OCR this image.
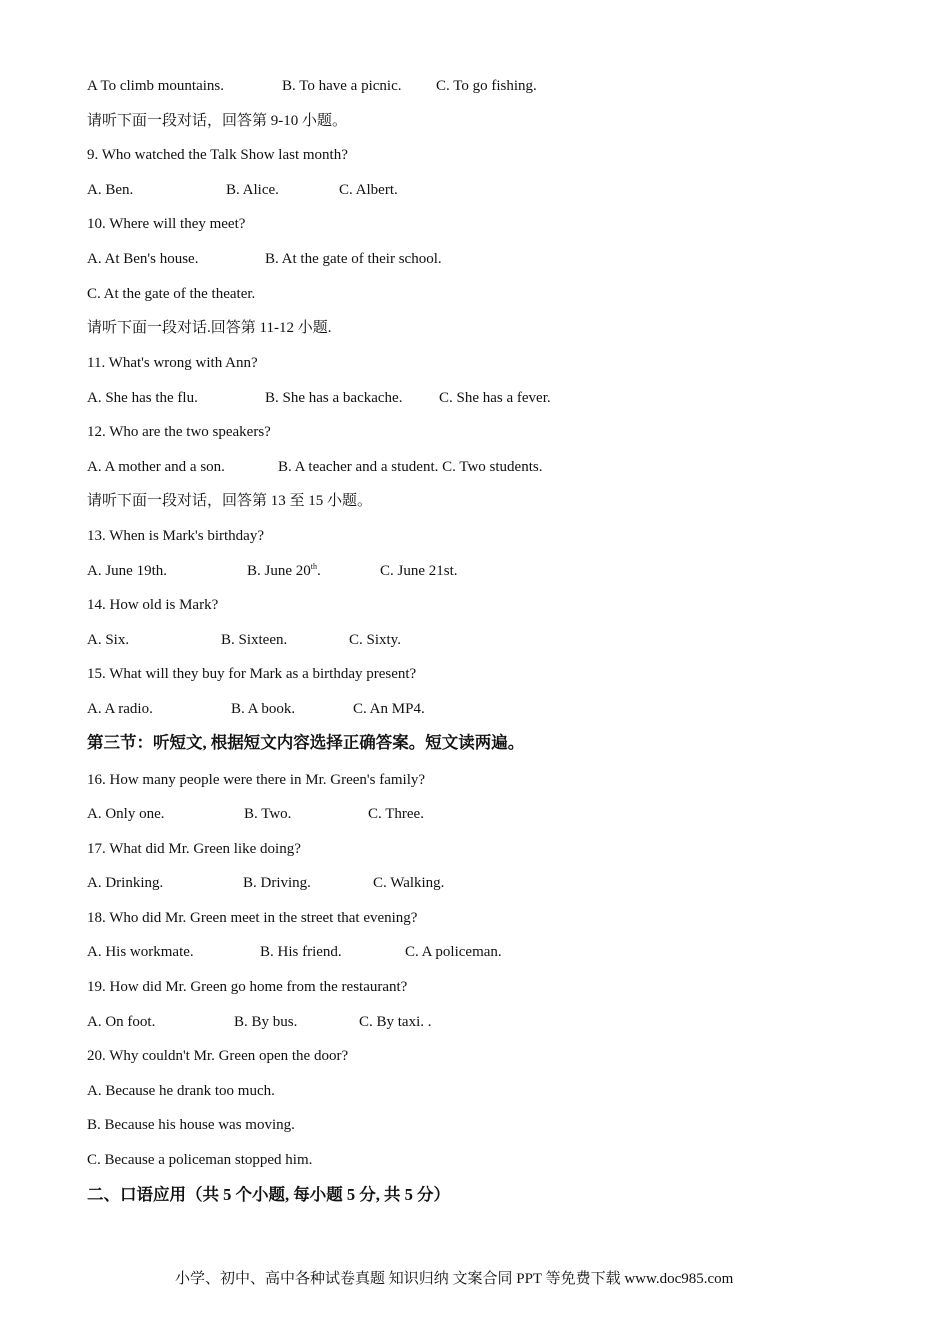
A To climb mountains.	B. To have a picnic. C. To go fishing.
请听下面一段对话，回答第 9-10 小题。
9. Who watched the Talk Show last month?
A. Ben.	B. Alice.	C. Albert.
10. Where will they meet?
A. At Ben's house.	B. At the gate of their school.
C. At the gate of the theater.
请听下面一段对话.回答第 11-12 小题.
11. What's wrong with Ann?
A. She has the flu.	B. She has a backache. C. She has a fever.
12. Who are the two speakers?
A. A mother and a son.	B. A teacher and a student. C. Two students.
请听下面一段对话，回答第 13 至 15 小题。
13. When is Mark's birthday?
A. June 19th.	B. June 20th.	C. June 21st.
14. How old is Mark?
A. Six.	B. Sixteen.	C. Sixty.
15. What will they buy for Mark as a birthday present?
A. A radio.	B. A book.	C. An MP4.
第三节：听短文, 根据短文内容选择正确答案。短文读两遍。
16. How many people were there in Mr. Green's family?
A. Only one.	B. Two.	C. Three.
17. What did Mr. Green like doing?
A. Drinking.	B. Driving.	C. Walking.
18. Who did Mr. Green meet in the street that evening?
A. His workmate.	B. His friend.	C. A policeman.
19. How did Mr. Green go home from the restaurant?
A. On foot.	B. By bus.	C. By taxi. .
20. Why couldn't Mr. Green open the door?
A. Because he drank too much.
B. Because his house was moving.
C. Because a policeman stopped him.
二、口语应用（共 5 个小题, 每小题 5 分, 共 5 分）
小学、初中、高中各种试卷真题 知识归纳 文案合同 PPT 等免费下载 www.doc985.com
